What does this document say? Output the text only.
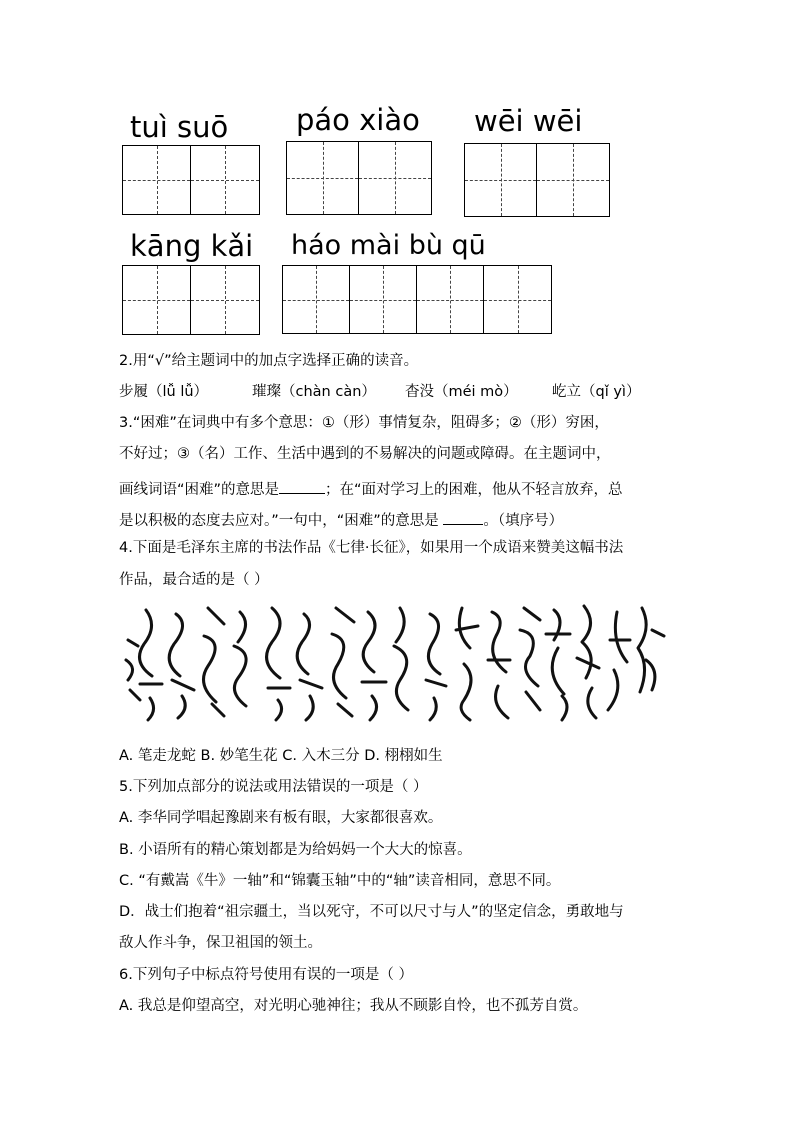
tuì suō páo xiào wēi wēi
kāng kǎi háo mài bù qū
2.用“√”给主题词中的加点字选择正确的读音。
步履（lǚ lǚ）	璀璨（chàn càn） 杳没（méi mò） 屹立（qǐ yì）
3.“困难”在词典中有多个意思：①（形）事情复杂，阻碍多；②（形）穷困，
不好过；③（名）工作、生活中遇到的不易解决的问题或障碍。在主题词中，
画线词语“困难”的意思是	；在“面对学习上的困难，他从不轻言放弃，总
是以积极的态度去应对。”一句中，“困难”的意思是	。（填序号）
4.下面是毛泽东主席的书法作品《七律·长征》，如果用一个成语来赞美这幅书法
作品，最合适的是（ ）
七律·长征 书法作品
A. 笔走龙蛇 B. 妙笔生花 C. 入木三分 D. 栩栩如生
5.下列加点部分的说法或用法错误的一项是（ ）
A. 李华同学唱起豫剧来有板有眼，大家都很喜欢。
B. 小语所有的精心策划都是为给妈妈一个大大的惊喜。
C. “有戴嵩《牛》一轴”和“锦囊玉轴”中的“轴”读音相同，意思不同。
D．战士们抱着“祖宗疆土，当以死守，不可以尺寸与人”的坚定信念，勇敢地与
敌人作斗争，保卫祖国的领土。
6.下列句子中标点符号使用有误的一项是（ ）
A. 我总是仰望高空，对光明心驰神往；我从不顾影自怜，也不孤芳自赏。
